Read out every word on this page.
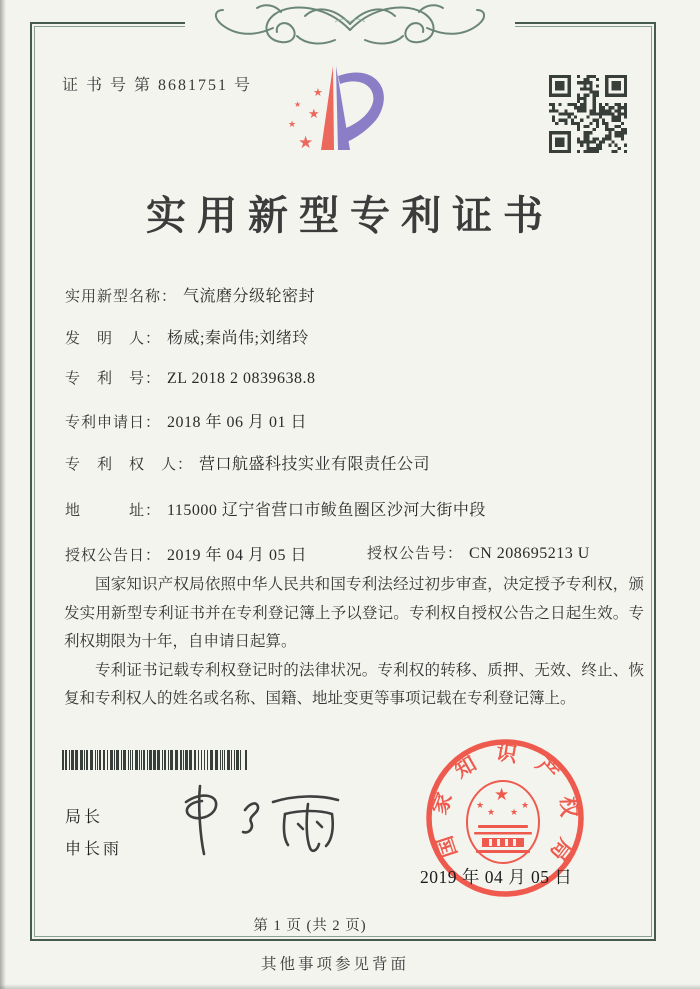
证 书 号 第 8681751 号	★
★
★
★
★
实用新型专利证书
实用新型名称： 气流磨分级轮密封
发　明　人： 杨威;秦尚伟;刘绪玲
专　利　号： ZL 2018 2 0839638.8
专利申请日： 2018 年 06 月 01 日
专　利　权　人： 营口航盛科技实业有限责任公司
地　　　址： 115000 辽宁省营口市鲅鱼圈区沙河大街中段
授权公告日： 2019 年 04 月 05 日	授权公告号： CN 208695213 U

国家知识产权局依照中华人民共和国专利法经过初步审查，决定授予专利权，颁发实用新型专利证书并在专利登记簿上予以登记。专利权自授权公告之日起生效。专利权期限为十年，自申请日起算。

专利证书记载专利权登记时的法律状况。专利权的转移、质押、无效、终止、恢复和专利权人的姓名或名称、国籍、地址变更等事项记载在专利登记簿上。

局长
申长雨	国家知识产权局
★
★
★ ★
★
2019 年 04 月 05 日
第 1 页 (共 2 页)
其他事项参见背面
